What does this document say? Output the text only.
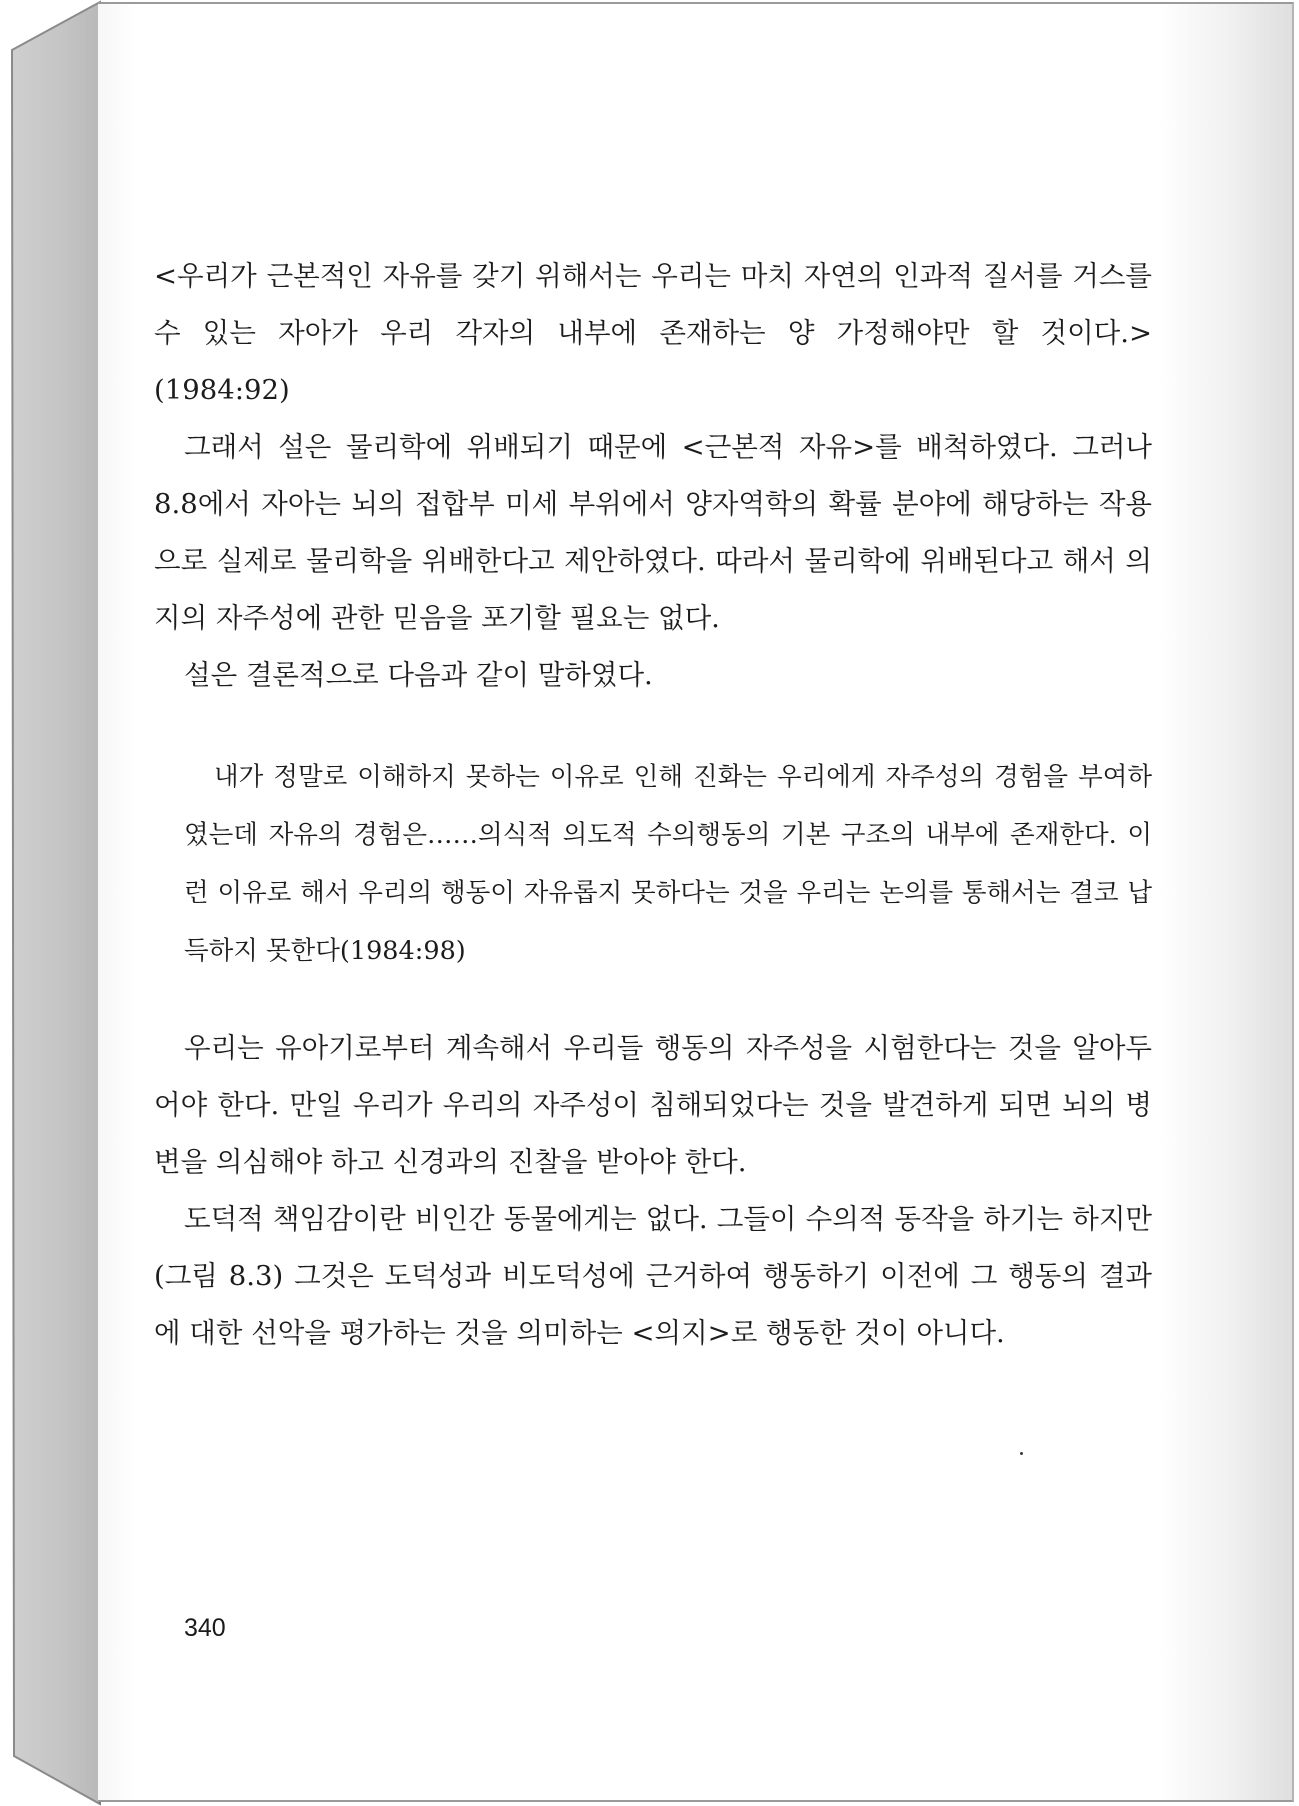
<우리가 근본적인 자유를 갖기 위해서는 우리는 마치 자연의 인과적 질서를 거스를 수 있는 자아가 우리 각자의 내부에 존재하는 양 가정해야만 할 것이다.>(1984:92)

그래서 설은 물리학에 위배되기 때문에 <근본적 자유>를 배척하였다. 그러나 8.8에서 자아는 뇌의 접합부 미세 부위에서 양자역학의 확률 분야에 해당하는 작용으로 실제로 물리학을 위배한다고 제안하였다. 따라서 물리학에 위배된다고 해서 의지의 자주성에 관한 믿음을 포기할 필요는 없다.

설은 결론적으로 다음과 같이 말하였다.

내가 정말로 이해하지 못하는 이유로 인해 진화는 우리에게 자주성의 경험을 부여하였는데 자유의 경험은……의식적 의도적 수의행동의 기본 구조의 내부에 존재한다. 이런 이유로 해서 우리의 행동이 자유롭지 못하다는 것을 우리는 논의를 통해서는 결코 납득하지 못한다(1984:98)

우리는 유아기로부터 계속해서 우리들 행동의 자주성을 시험한다는 것을 알아두어야 한다. 만일 우리가 우리의 자주성이 침해되었다는 것을 발견하게 되면 뇌의 병변을 의심해야 하고 신경과의 진찰을 받아야 한다.

도덕적 책임감이란 비인간 동물에게는 없다. 그들이 수의적 동작을 하기는 하지만(그림 8.3) 그것은 도덕성과 비도덕성에 근거하여 행동하기 이전에 그 행동의 결과에 대한 선악을 평가하는 것을 의미하는 <의지>로 행동한 것이 아니다.

340
